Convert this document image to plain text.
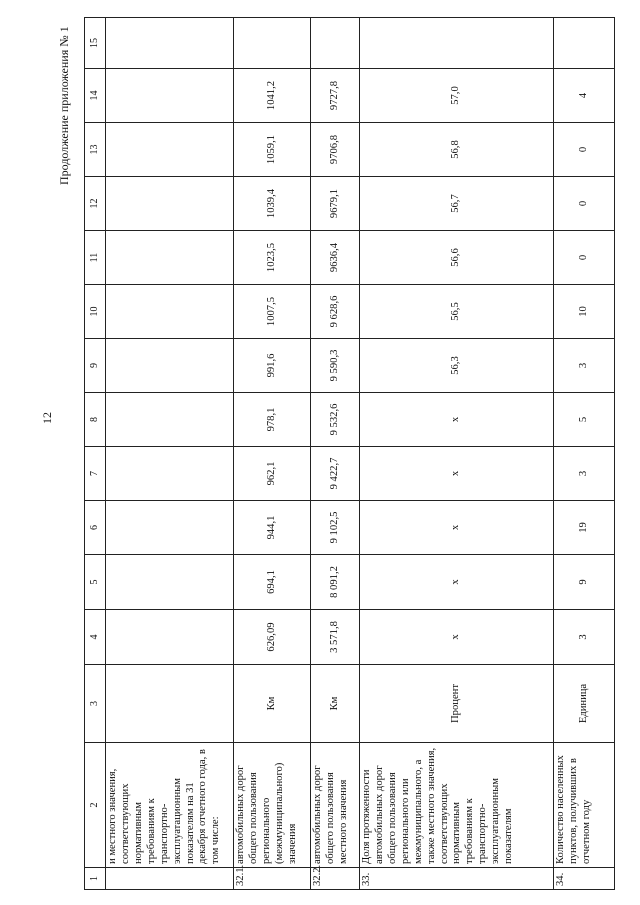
12
Продолжение приложения № 1
1	2	3	4	5	6	7	8	9	10	11	12	13	14	15
	и местного значения, соответствующих нормативным требованиям к транспортно-эксплуатационным показателям на 31 декабря отчетного года, в том числе:													
32.1.	автомобильных дорог общего пользования регионального (межмуниципального) значения	Км	626,09	694,1	944,1	962,1	978,1	991,6	1007,5	1023,5	1039,4	1059,1	1041,2	
32.2.	автомобильных дорог общего пользования местного значения	Км	3 571,8	8 091,2	9 102,5	9 422,7	9 532,6	9 590,3	9 628,6	9636,4	9679,1	9706,8	9727,8	
33.	Доля протяженности автомобильных дорог общего пользования регионального или межмуниципального, а также местного значения, соответствующих нормативным требованиям к транспортно-эксплуатационным показателям	Процент	х	х	х	х	х	56,3	56,5	56,6	56,7	56,8	57,0	
34.	Количество населенных пунктов, получивших в отчетном году	Единица	3	9	19	3	5	3	10	0	0	0	4	
